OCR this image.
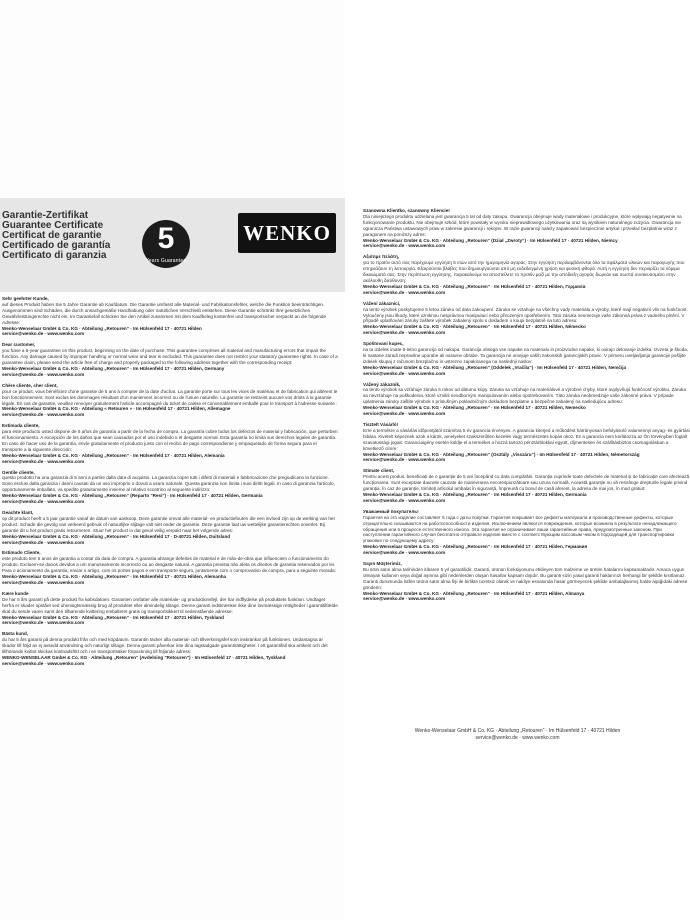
Garantie-Zertifikat
Guarantee Certificate
Certificat de garantie
Certificado de garantía
Certificato di garanzia
5
Years Guarantee
WENKO
Sehr geehrter Kunde,
auf dieses Produkt haben Sie 5 Jahre Garantie ab Kaufdatum. Die Garantie umfasst alle Material- und Fabrikationsfehler, welche die Funktion beeinträchtigen. Ausgenommen sind Schäden, die durch unsachgemäße Handhabung oder natürlichen Verschleiß entstehen. Diese Garantie schränkt Ihre gesetzlichen Gewährleistungsrechte nicht ein. Im Garantiefall schicken Sie den Artikel zusammen mit dem Kaufbeleg kostenfrei und transportsicher verpackt an die folgende Adresse:
Wenko-Wenselaar GmbH & Co. KG · Abteilung „Retouren“ · Im Hülsenfeld 17 · 40721 Hilden
service@wenko.de · www.wenko.com
Dear customer,
you have a 5-year guarantee on this product, beginning on the date of purchase. This guarantee comprises all material and manufacturing errors that impair the function. Any damage caused by improper handling or normal wear and tear is excluded. This guarantee does not restrict your statutory guarantee rights. In case of a guarantee claim, please send the article free of charge and properly packaged to the following address together with the corresponding receipt:
Wenko-Wenselaar GmbH & Co. KG · Abteilung „Retouren“ · Im Hülsenfeld 17 · 40721 Hilden, Germany
service@wenko.de · www.wenko.com
Chère cliente, cher client,
pour ce produit, vous bénéficiez d'une garantie de 5 ans à compter de la date d'achat. La garantie porte sur tous les vices de matériau et de fabrication qui altèrent le bon fonctionnement. Sont exclus les dommages résultant d'un maniement incorrect ou de l'usure naturelle. La garantie ne restreint aucune vos droits à la garantie légale. En cas de garantie, veuillez renvoyer gratuitement l'article accompagné du ticket de caisse et convenablement emballé pour le transport à l'adresse suivante :
Wenko-Wenselaar GmbH & Co. KG · Abteilung « Retouren » · Im Hülsenfeld 17 · 40721 Hilden, Allemagne
service@wenko.de · www.wenko.com
Estimada cliente,
para este producto usted dispone de 5 años de garantía a partir de la fecha de compra. La garantía cubre todos los defectos de material y fabricación, que perturben el funcionamiento. A excepción de los daños que sean causados por el uso indebido o el desgaste normal. Esta garantía no limita sus derechos legales de garantía. En caso de hacer uso de la garantía, envíe gratuitamente el producto junto con el recibo de pago correspondiente y empaquetado de forma segura para el transporte a la siguiente dirección:
Wenko-Wenselaar GmbH & Co. KG · Abteilung „Retouren“ · Im Hülsenfeld 17 · 40721 Hilden, Alemania
service@wenko.de · www.wenko.com
Gentile cliente,
questo prodotto ha una garanzia di 5 anni a partire dalla data di acquisto. La garanzia copre tutti i difetti di materiali e fabbricazione che pregiudicano la funzione. Sono esclusi dalla garanzia i danni causati da un uso improprio o dovuti a usura naturale. Questa garanzia non limita i suoi diritti legali. In caso di garanzia l'articolo, opportunamente imballato, va spedito gratuitamente insieme al relativo scontrino al seguente indirizzo:
Wenko-Wenselaar GmbH & Co. KG · Abteilung „Retouren“ (Reparto "Resi") · Im Hülsenfeld 17 · 40721 Hilden, Germania
service@wenko.de · www.wenko.com
Geachte klant,
op dit product heeft u 5 jaar garantie vanaf de datum van aankoop. Deze garantie omvat alle material- en productiefouten die een invloed zijn op de werking van het product. Schade die gevolg van verkeerd gebruik of natuurlijke slijtage valt niet onder de garantie. Deze garantie laat uw wettelijke garantierechten onverlet. Bij garantie dit u het product gratis retourneren. Stuur het product in dat geval veilig verpakt naar het volgende adres:
Wenko-Wenselaar GmbH & Co. KG · Abteilung „Retouren“ · Im Hülsenfeld 17 · D-40721 Hilden, Duitsland
service@wenko.de · www.wenko.com
Estimado Cliente,
este produto tem 5 anos de garantia a contar da data de compra. A garantia abrange defeitos de material e de mão-de-obra que influenciem o funcionamento do produto. Excluem-se danos devidos a um manuseamento incorrecto ou ao desgaste natural. A garantia prevista não afeta os direitos de garantia reservados por lei. Para o acionamento da garantia, enviar o artigo, com os portes pagos e em transporte seguro, juntamente com o comprovativo de compra, para a seguinte morada:
Wenko-Wenselaar GmbH & Co. KG · Abteilung „Retouren“ · Im Hülsenfeld 17 · 40721 Hilden, Alemanha
service@wenko.de · www.wenko.com
Kære kunde
De har 5 års garanti på dette produkt fra købsdatoen. Garantien omfatter alle materiale- og produktionsfejl, der har indflydelse på produktets funktion. Undtaget herfra er skader opstået ved uhensigtsmæssig brug af produktet eller almindelig slitage. Denne garanti indskrænker ikke dine lovmæssige rettigheder i garantitilfælde skal du sende varen samt den tilhørende kvittering emballeret gratis og transportsikkert til nedenstående adresse:
Wenko-Wenselaar GmbH & Co. KG · Abteilung „Retouren“ · Im Hülsenfeld 17 · 40721 Hilden, Tyskland
service@wenko.de · www.wenko.com
Bästa kund,
du har 5 års garanti på denna produkt från och med köpdatum. Garantin täcker alla material- och tillverkningsfel som inskränkar på funktionen. Undantagna är skador till följd av ej avsedd användning och naturligt slitage. Denna garanti påverkar inte dina lagstadgade garantirättigheter. I ett garantifall ska artikeln och det tillhörande kvittot skickas kostnadsfritt och i en transportsäker förpackning till följande adress:
WENKO-WENSELAAR GmbH & Co. KG · Abteilung „Retouren“ (Avdelning "Retouren") · Im Hülsenfeld 17 · 40721 Hilden, Tyskland
service@wenko.de · www.wenko.com
Szanowna Klientko, szanowny Kliencie!
Dla niniejszego produktu udzielana jest gwarancja 5 lat od daty zakupu. Gwarancja obejmuje wady materiałowe i produkcyjne, które wpływają negatywnie na funkcjonowanie produktu. Nie obejmuje szkód, które powstały w wyniku nieprawidłowego użytkowania oraz są wynikiem naturalnego zużycia. Gwarancja nie ogranicza Państwa ustawowych praw w zakresie gwarancji i rękojmi. W razie gwarancji należy zapakować bezpiecznie artykuł i przesłać bezpłatnie wraz z paragonem na poniższy adres:
Wenko-Wenselaar GmbH & Co. KG · Abteilung „Retouren“ (Dział „Zwroty“) · Im Hülsenfeld 17 · 40721 Hilden, Niemcy
service@wenko.de · www.wenko.com
Αξιότιμε πελάτη,
για το προϊόν αυτό σας παρέχουμε εγγύηση 5 ετών από την ημερομηνία αγοράς. Στην εγγύηση περιλαμβάνονται όλα τα σφάλματα υλικών και παραγωγής που επηρεάζουν τη λειτουργία. Εξαιρούνται βλάβες που δημιουργούνται από μη ενδεδειγμένη χρήση και φυσική φθορά. Αυτή η εγγύηση δεν περιορίζει τα νόμιμα δικαιώματά σας. Στην περίπτωση εγγύησης, παρακαλούμε να αποστείλετε το προϊόν μαζί με την απόδειξη αγοράς δωρεάν και σωστά συσκευασμένο στην ακόλουθη διεύθυνση:
Wenko-Wenselaar GmbH & Co. KG · Abteilung „Retouren“ · Im Hülsenfeld 17 · 40721 Hilden, Γερμανία
service@wenko.de · www.wenko.com
Vážení zákazníci,
na tento výrobek poskytujeme 5 letou záruku od data zakoupení. Záruka se vztahuje na všechny vady materiálu a výroby, které mají negativní vliv na funkčnost. Vyloučeny jsou škody, které vzniknou nesprávnou manipulací nebo přirozeným opotřebením. Tato záruka neomezuje vaše zákonná práva z vadného plnění. V případě uplatňování záruky zašlete výrobek zabalený spolu s dokladem o koupi bezplatně na tuto adresu:
Wenko-Wenselaar GmbH & Co. KG · Abteilung „Retouren“ · Im Hülsenfeld 17 · 40721 Hilden, Německo
service@wenko.de · www.wenko.com
Spoštovani kupec,
na ta izdelek imate 5-letno garancijo od nakupa. Garancija obsega vse napake na materialu in proizvodne napake, ki ovirajo delovanje izdelka. Izvzeta je škoda, ki nastane zaradi nepravilne uporabe ali naravne obrabe. Ta garancija ne omejuje vaših zakonskih garancijskih pravic. V primeru uveljavljanja garancije pošljite izdelek skupaj z računom brezplačno in ustrezno zapakiranega na naslednji naslov:
Wenko-Wenselaar GmbH & Co. KG · Abteilung „Retouren“ (Oddelek „Vračila“) · Im Hülsenfeld 17 · 40721 Hilden, Nemčija
service@wenko.de · www.wenko.com
Vážený zákazník,
na tento výrobok sa vzťahuje záruka 5 rokov od dátumu kúpy. Záruka sa vzťahuje na materiálové a výrobné chyby, ktoré ovplyvňujú funkčnosť výrobku. Záruka sa nevzťahuje na poškodenia, ktoré vznikli neodborným manipulovaním alebo opotrebovaním. Táto záruka neobmedzuje vaše zákonné práva. V prípade uplatnenia záruky zašlite výrobok s príslušným pokladničným dokladom bezplatne a bezpečne zabalený na nasledujúcu adresu:
Wenko-Wenselaar GmbH & Co. KG · Abteilung „Retouren“ · Im Hülsenfeld 17 · 40721 Hilden, Nemecko
service@wenko.de · www.wenko.com
Tisztelt Vásárló!
Erre a termékre a vásárlás időpontjától számítva 5 év garancia érvényes. A garancia kiterjed a működést hátrányosan befolyásoló valamennyi anyag- és gyártási hibára. Kivételt képeznek azok a károk, amelyeket szakszerűtlen kezelés vagy természetes kopás okoz. Ez a garancia nem korlátozza az Ön törvényben foglalt szavatossági jogait. Garanciaigény esetén küldje el a terméket a hozzá tartozó pénztárblokkal együtt, díjmentesen és szállításbiztos csomagolásban a következő címre:
Wenko-Wenselaar GmbH & Co. KG · Abteilung „Retouren“ (Osztály „Visszáru“) · Im Hülsenfeld 17 · 40721 Hilden, Németország
service@wenko.de · www.wenko.com
Stimate client,
Pentru acest produs, beneficiați de o garanție de 5 ani începând cu data cumpărării. Garanția cuprinde toate defectele de material și de fabricație care afectează funcționarea. Sunt exceptate daunele cauzate de manevrarea necorespunzătoare sau uzura normală. Această garanție nu vă restrânge drepturile legale privind garanția. În caz de garanție, trimiteți articolul ambalat în siguranță, împreună cu bonul de casă aferent, la adresa de mai jos, în mod gratuit:
Wenko-Wenselaar GmbH & Co. KG · Abteilung „Retouren“ · Im Hülsenfeld 17 · 40721 Hilden, Germania
service@wenko.de · www.wenko.com
Уважаемый покупатель!
Гарантия на это изделие составляет 5 года с даты покупки. Гарантия покрывает все дефекты материала и производственные дефекты, которые отрицательно сказываются на работоспособности изделия. Исключением являются повреждения, которые возникли в результате ненадлежащего обращения или в процессе естественного износа. Эта гарантия не ограничивает ваши гарантийные права, предусмотренные законом. При наступлении гарантийного случая бесплатно отправьте изделие вместе с соответствующим кассовым чеком в подходящей для транспортировки упаковке по следующему адресу:
Wenko-Wenselaar GmbH & Co. KG · Abteilung „Retouren“ · Im Hülsenfeld 17 · 40721 Hilden, Германия
service@wenko.de · www.wenko.com
Sayın Müşterimiz,
Bu ürün satın alma tarihinden itibaren 5 yıl garantilidir. Garanti, ürünün fonksiyonunu etkileyen tüm malzeme ve üretim hatalarını kapsamaktadır. Amaca uygun olmayan kullanım veya doğal aşınma gibi nedenlerden oluşan hasarlar kapsam dışıdır. Bu garanti sizin yasal garanti haklarınızı herhangi bir şekilde kısıtlamaz. Garanti durumunda lütfen ürünü satın alma fişi ile birlikte ücretsiz olarak ve nakliye esnasında hasar görmeyecek şekilde ambalajlanmış halde aşağıdaki adrese gönderin:
Wenko-Wenselaar GmbH & Co. KG · Abteilung „Retouren“ · Im Hülsenfeld 17 · 40721 Hilden, Almanya
service@wenko.de · www.wenko.com
Wenko-Wenselaar GmbH & Co. KG · Abteilung „Retouren“ · Im Hülsenfeld 17 · 40721 Hilden
service@wenko.de · www.wenko.com
